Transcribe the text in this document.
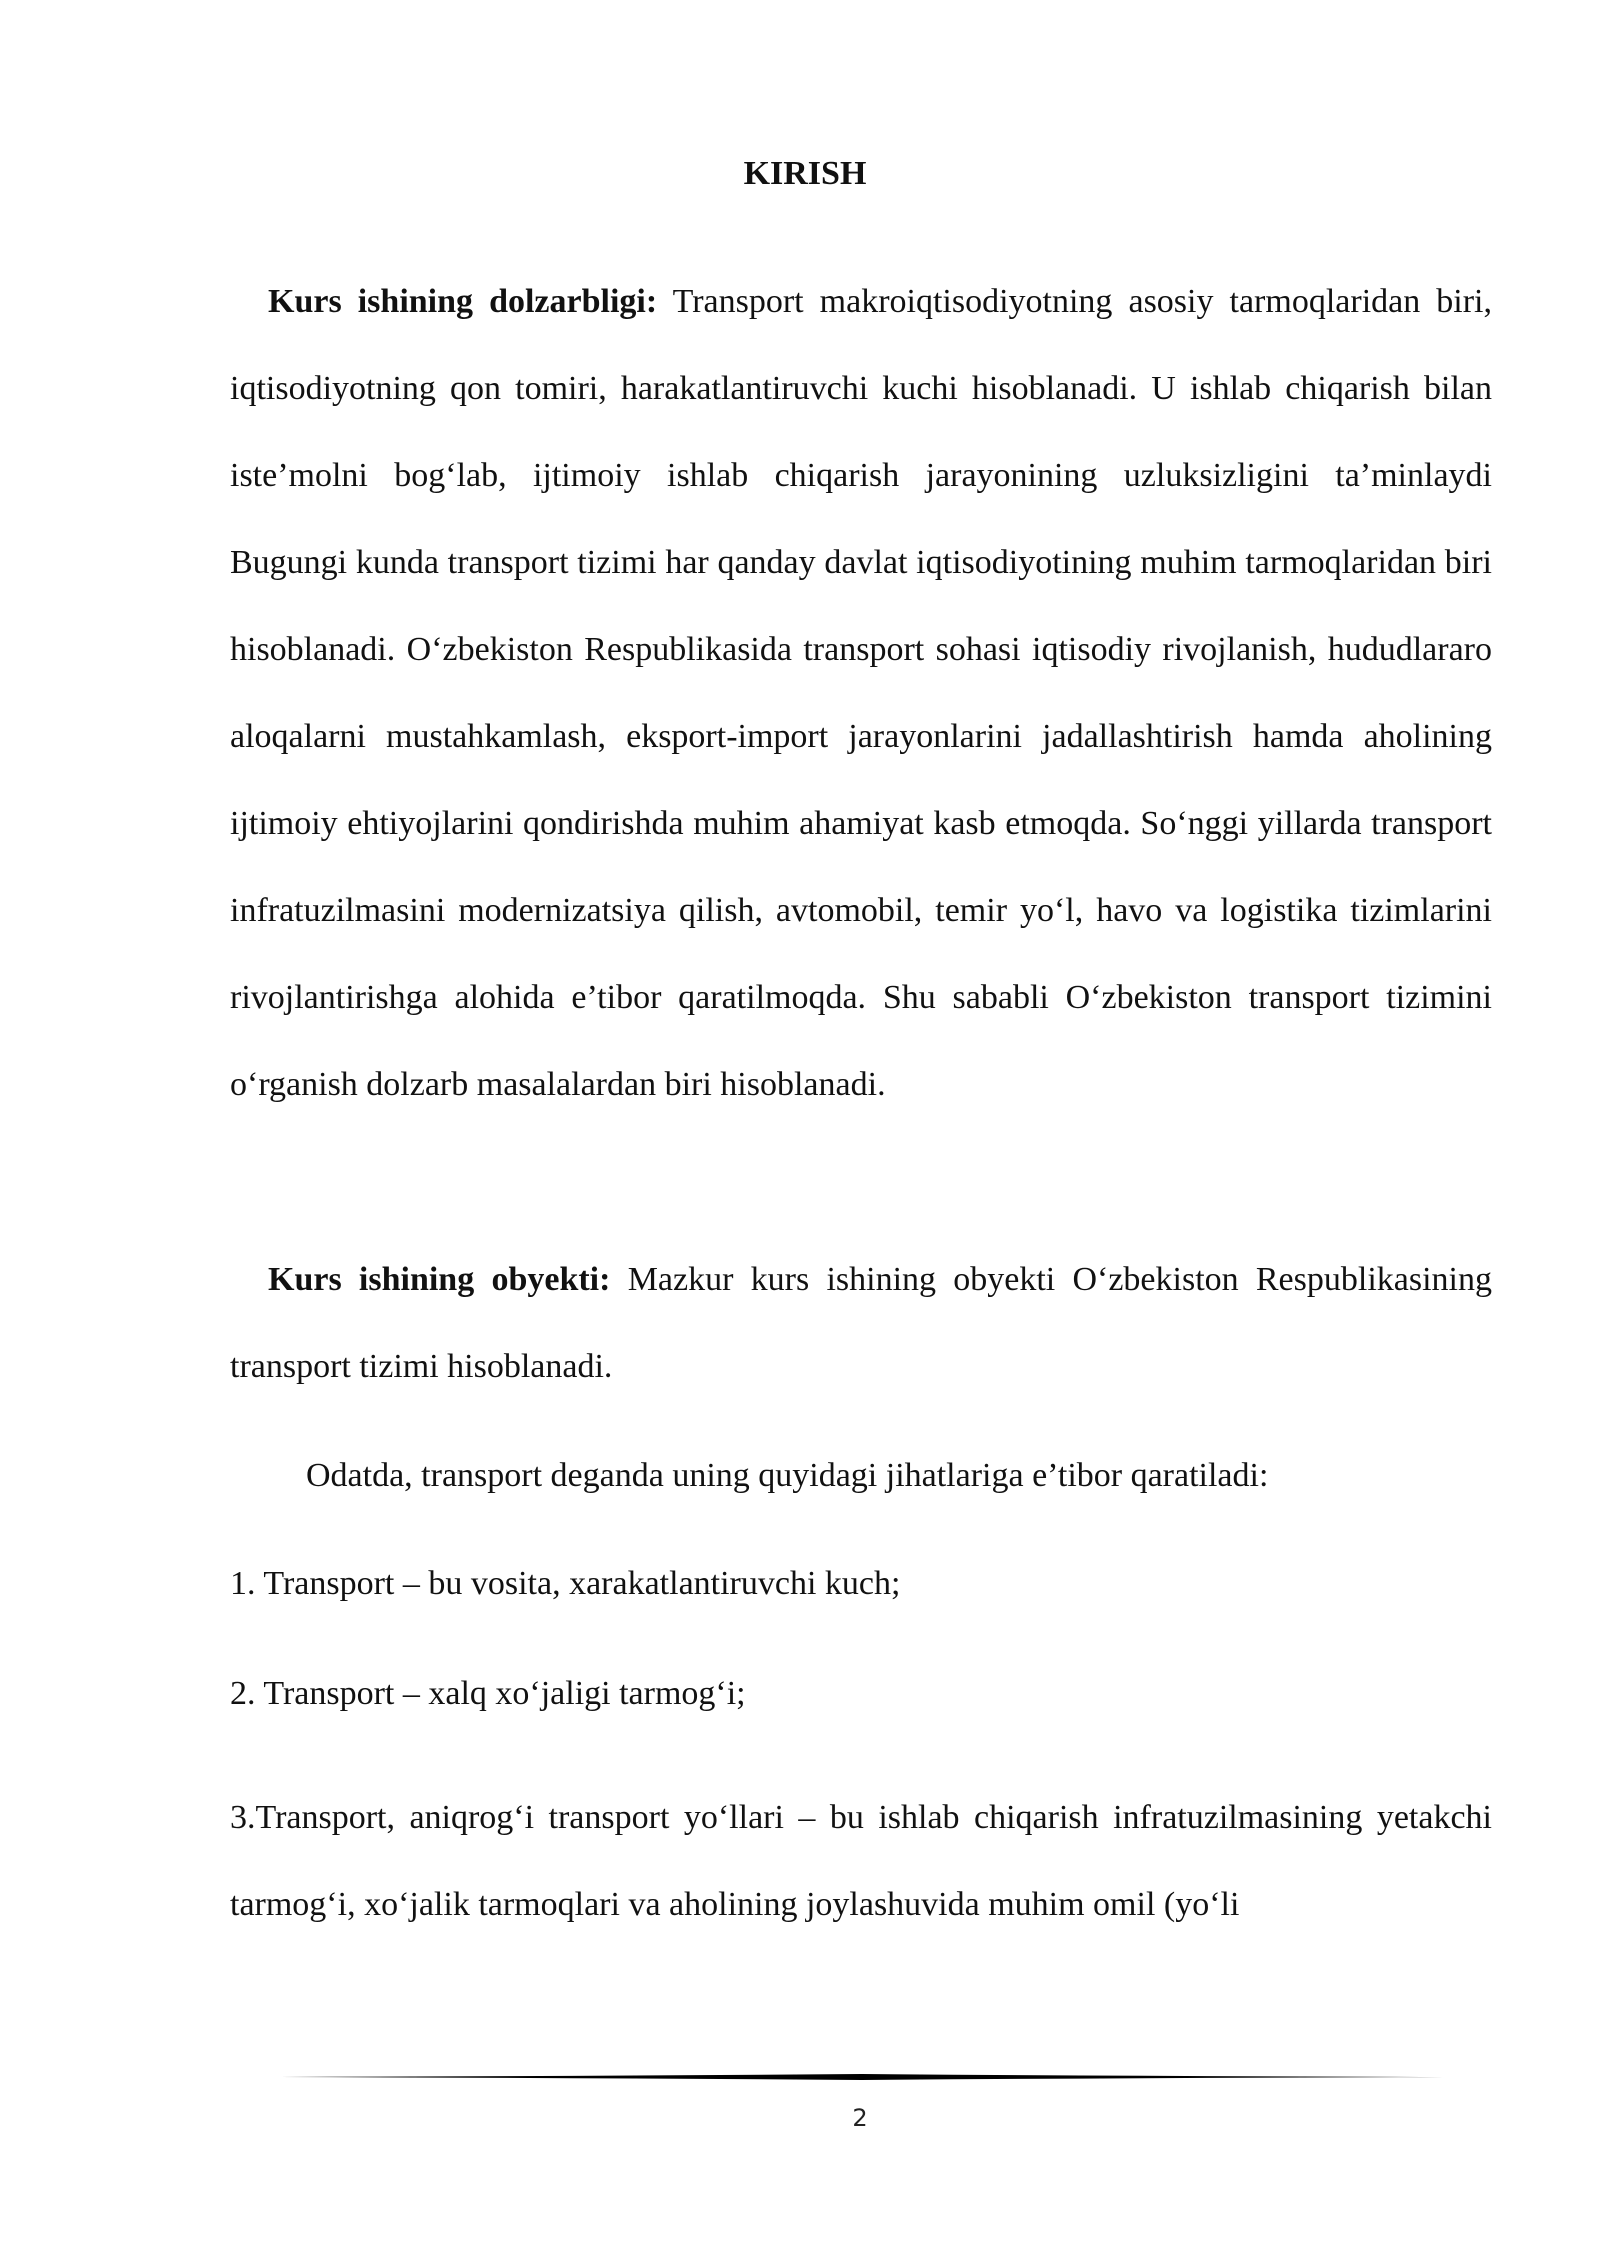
KIRISH

Kurs ishining dolzarbligi: Transport makroiqtisodiyotning asosiy tarmoqlaridan biri, iqtisodiyotning qon tomiri, harakatlantiruvchi kuchi hisoblanadi. U ishlab chiqarish bilan iste’molni bog‘lab, ijtimoiy ishlab chiqarish jarayonining uzluksizligini ta’minlaydi Bugungi kunda transport tizimi har qanday davlat iqtisodiyotining muhim tarmoqlaridan biri hisoblanadi. O‘zbekiston Respublikasida transport sohasi iqtisodiy rivojlanish, hududlararo aloqalarni mustahkamlash, eksport-import jarayonlarini jadallashtirish hamda aholining ijtimoiy ehtiyojlarini qondirishda muhim ahamiyat kasb etmoqda. So‘nggi yillarda transport infratuzilmasini modernizatsiya qilish, avtomobil, temir yo‘l, havo va logistika tizimlarini rivojlantirishga alohida e’tibor qaratilmoqda. Shu sababli O‘zbekiston transport tizimini o‘rganish dolzarb masalalardan biri hisoblanadi.

Kurs ishining obyekti: Mazkur kurs ishining obyekti O‘zbekiston Respublikasining transport tizimi hisoblanadi.

Odatda, transport deganda uning quyidagi jihatlariga e’tibor qaratiladi:

1. Transport – bu vosita, xarakatlantiruvchi kuch;

2. Transport – xalq xo‘jaligi tarmog‘i;

3.Transport, aniqrog‘i transport yo‘llari – bu ishlab chiqarish infratuzilmasining yetakchi tarmog‘i, xo‘jalik tarmoqlari va aholining joylashuvida muhim omil (yo‘li

2
